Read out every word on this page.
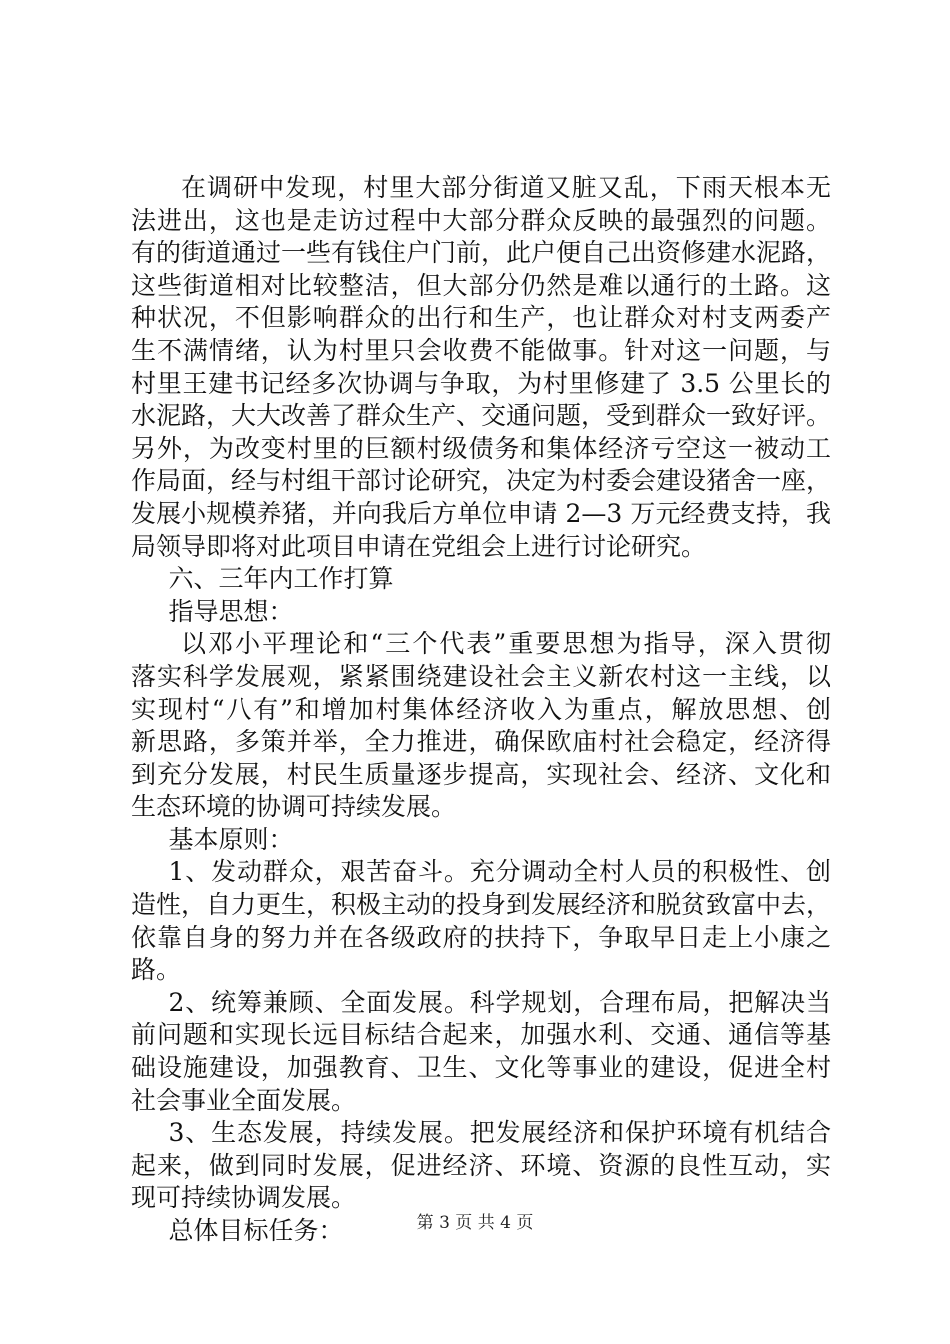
在调研中发现，村里大部分街道又脏又乱，下雨天根本无
法进出，这也是走访过程中大部分群众反映的最强烈的问题。
有的街道通过一些有钱住户门前，此户便自己出资修建水泥路，
这些街道相对比较整洁，但大部分仍然是难以通行的土路。这
种状况，不但影响群众的出行和生产，也让群众对村支两委产
生不满情绪，认为村里只会收费不能做事。针对这一问题，与
村里王建书记经多次协调与争取，为村里修建了 3.5 公里长的
水泥路，大大改善了群众生产、交通问题，受到群众一致好评。
另外，为改变村里的巨额村级债务和集体经济亏空这一被动工
作局面，经与村组干部讨论研究，决定为村委会建设猪舍一座，
发展小规模养猪，并向我后方单位申请 2—3 万元经费支持，我
局领导即将对此项目申请在党组会上进行讨论研究。
六、三年内工作打算
指导思想：
以邓小平理论和“三个代表”重要思想为指导，深入贯彻
落实科学发展观，紧紧围绕建设社会主义新农村这一主线，以
实现村“八有”和增加村集体经济收入为重点，解放思想、创
新思路，多策并举，全力推进，确保欧庙村社会稳定，经济得
到充分发展，村民生质量逐步提高，实现社会、经济、文化和
生态环境的协调可持续发展。
基本原则：
1、发动群众，艰苦奋斗。充分调动全村人员的积极性、创
造性，自力更生，积极主动的投身到发展经济和脱贫致富中去，
依靠自身的努力并在各级政府的扶持下，争取早日走上小康之
路。
2、统筹兼顾、全面发展。科学规划，合理布局，把解决当
前问题和实现长远目标结合起来，加强水利、交通、通信等基
础设施建设，加强教育、卫生、文化等事业的建设，促进全村
社会事业全面发展。
3、生态发展，持续发展。把发展经济和保护环境有机结合
起来，做到同时发展，促进经济、环境、资源的良性互动，实
现可持续协调发展。
总体目标任务：	第 3 页 共 4 页
